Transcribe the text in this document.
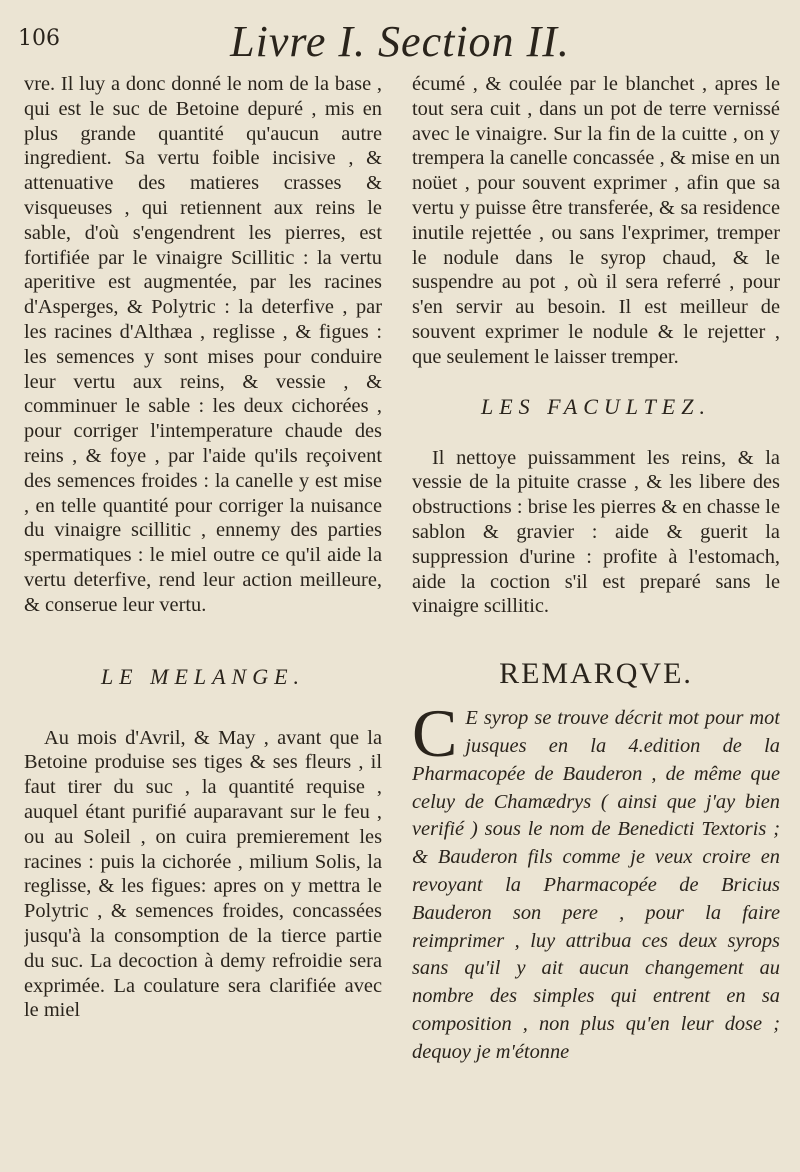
106	Livre I. Section II.

vre. Il luy a donc donné le nom de la base , qui est le suc de Betoine depuré , mis en plus grande quantité qu'aucun autre ingredient. Sa vertu foible incisive , & attenuative des matieres crasses & visqueuses , qui retiennent aux reins le sable, d'où s'engendrent les pierres, est fortifiée par le vinaigre Scillitic : la vertu aperitive est augmentée, par les racines d'Asperges, & Polytric : la deterfive , par les racines d'Althæa , reglisse , & figues : les semences y sont mises pour conduire leur vertu aux reins, & vessie , & comminuer le sable : les deux cichorées , pour corriger l'intemperature chaude des reins , & foye , par l'aide qu'ils reçoivent des semences froides : la canelle y est mise , en telle quantité pour corriger la nuisance du vinaigre scillitic , ennemy des parties spermatiques : le miel outre ce qu'il aide la vertu deterfive, rend leur action meilleure, & conserue leur vertu.

LE MELANGE.

Au mois d'Avril, & May , avant que la Betoine produise ses tiges & ses fleurs , il faut tirer du suc , la quantité requise , auquel étant purifié auparavant sur le feu , ou au Soleil , on cuira premierement les racines : puis la cichorée , milium Solis, la reglisse, & les figues: apres on y mettra le Polytric , & semences froides, concassées jusqu'à la consomption de la tierce partie du suc. La decoction à demy refroidie sera exprimée. La coulature sera clarifiée avec le miel

écumé , & coulée par le blanchet , apres le tout sera cuit , dans un pot de terre vernissé avec le vinaigre. Sur la fin de la cuitte , on y trempera la canelle concassée , & mise en un noüet , pour souvent exprimer , afin que sa vertu y puisse être transferée, & sa residence inutile rejettée , ou sans l'exprimer, tremper le nodule dans le syrop chaud, & le suspendre au pot , où il sera referré , pour s'en servir au besoin. Il est meilleur de souvent exprimer le nodule & le rejetter , que seulement le laisser tremper.

LES FACULTEZ.

Il nettoye puissamment les reins, & la vessie de la pituite crasse , & les libere des obstructions : brise les pierres & en chasse le sablon & gravier : aide & guerit la suppression d'urine : profite à l'estomach, aide la coction s'il est preparé sans le vinaigre scillitic.

REMARQVE.
C E syrop se trouve décrit mot pour mot jusques en la 4.edition de la Pharmacopée de Bauderon , de même que celuy de Chamædrys ( ainsi que j'ay bien verifié ) sous le nom de Benedicti Textoris ; & Bauderon fils comme je veux croire en revoyant la Pharmacopée de Bricius Bauderon son pere , pour la faire reimprimer , luy attribua ces deux syrops sans qu'il y ait aucun changement au nombre des simples qui entrent en sa composition , non plus qu'en leur dose ; dequoy je m'étonne
